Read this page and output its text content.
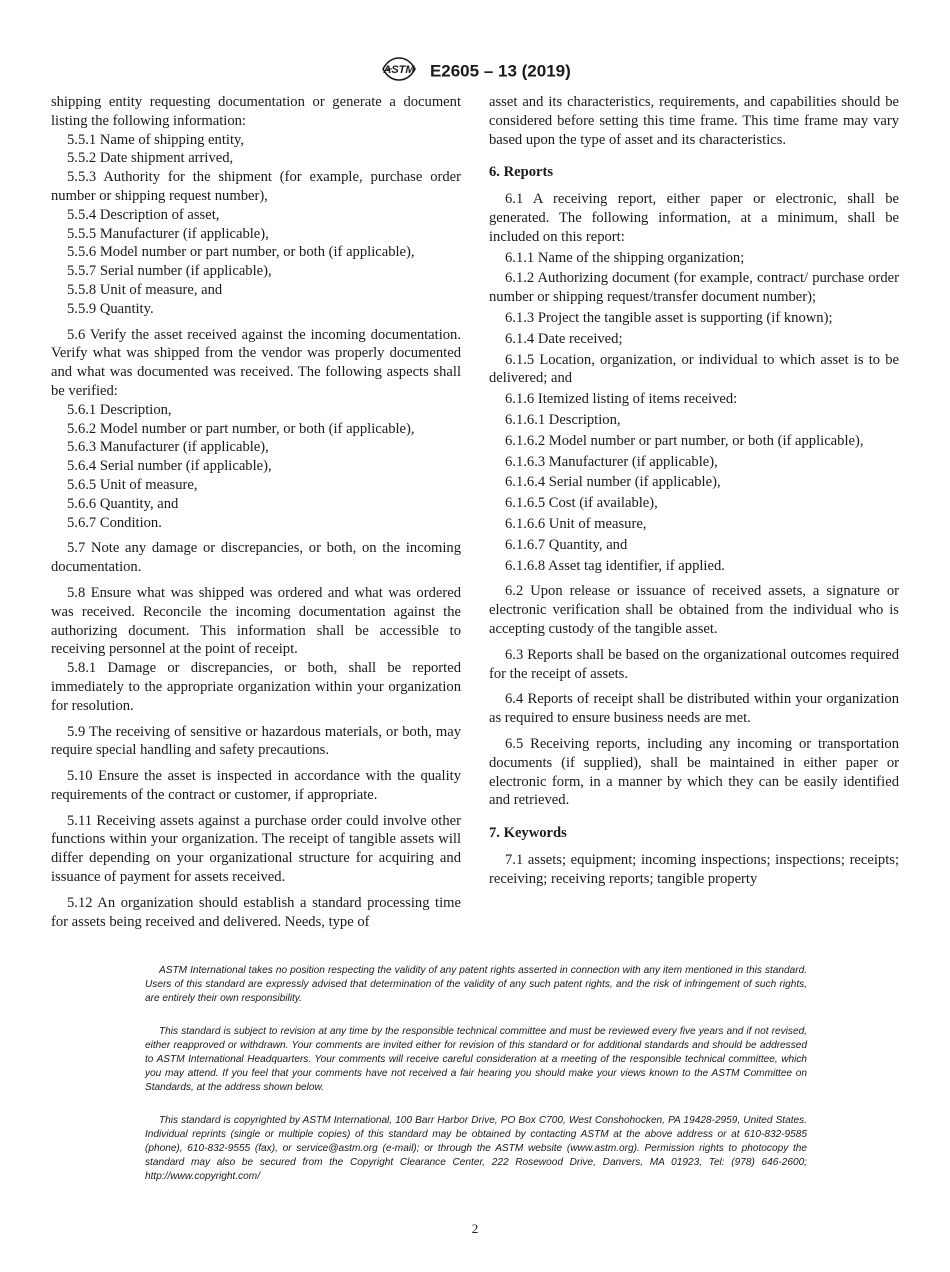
ASTM E2605 – 13 (2019)

shipping entity requesting documentation or generate a document listing the following information:

5.5.1 Name of shipping entity,

5.5.2 Date shipment arrived,

5.5.3 Authority for the shipment (for example, purchase order number or shipping request number),

5.5.4 Description of asset,

5.5.5 Manufacturer (if applicable),

5.5.6 Model number or part number, or both (if applicable),

5.5.7 Serial number (if applicable),

5.5.8 Unit of measure, and

5.5.9 Quantity.

5.6 Verify the asset received against the incoming documentation. Verify what was shipped from the vendor was properly documented and what was documented was received. The following aspects shall be verified:

5.6.1 Description,

5.6.2 Model number or part number, or both (if applicable),

5.6.3 Manufacturer (if applicable),

5.6.4 Serial number (if applicable),

5.6.5 Unit of measure,

5.6.6 Quantity, and

5.6.7 Condition.

5.7 Note any damage or discrepancies, or both, on the incoming documentation.

5.8 Ensure what was shipped was ordered and what was ordered was received. Reconcile the incoming documentation against the authorizing document. This information shall be accessible to receiving personnel at the point of receipt.

5.8.1 Damage or discrepancies, or both, shall be reported immediately to the appropriate organization within your organization for resolution.

5.9 The receiving of sensitive or hazardous materials, or both, may require special handling and safety precautions.

5.10 Ensure the asset is inspected in accordance with the quality requirements of the contract or customer, if appropriate.

5.11 Receiving assets against a purchase order could involve other functions within your organization. The receipt of tangible assets will differ depending on your organizational structure for acquiring and issuance of payment for assets received.

5.12 An organization should establish a standard processing time for assets being received and delivered. Needs, type of

asset and its characteristics, requirements, and capabilities should be considered before setting this time frame. This time frame may vary based upon the type of asset and its characteristics.

6. Reports

6.1 A receiving report, either paper or electronic, shall be generated. The following information, at a minimum, shall be included on this report:

6.1.1 Name of the shipping organization;

6.1.2 Authorizing document (for example, contract/ purchase order number or shipping request/transfer document number);

6.1.3 Project the tangible asset is supporting (if known);

6.1.4 Date received;

6.1.5 Location, organization, or individual to which asset is to be delivered; and

6.1.6 Itemized listing of items received:

6.1.6.1 Description,

6.1.6.2 Model number or part number, or both (if applicable),

6.1.6.3 Manufacturer (if applicable),

6.1.6.4 Serial number (if applicable),

6.1.6.5 Cost (if available),

6.1.6.6 Unit of measure,

6.1.6.7 Quantity, and

6.1.6.8 Asset tag identifier, if applied.

6.2 Upon release or issuance of received assets, a signature or electronic verification shall be obtained from the individual who is accepting custody of the tangible asset.

6.3 Reports shall be based on the organizational outcomes required for the receipt of assets.

6.4 Reports of receipt shall be distributed within your organization as required to ensure business needs are met.

6.5 Receiving reports, including any incoming or transportation documents (if supplied), shall be maintained in either paper or electronic form, in a manner by which they can be easily identified and retrieved.

7. Keywords

7.1 assets; equipment; incoming inspections; inspections; receipts; receiving; receiving reports; tangible property

ASTM International takes no position respecting the validity of any patent rights asserted in connection with any item mentioned in this standard. Users of this standard are expressly advised that determination of the validity of any such patent rights, and the risk of infringement of such rights, are entirely their own responsibility.

This standard is subject to revision at any time by the responsible technical committee and must be reviewed every five years and if not revised, either reapproved or withdrawn. Your comments are invited either for revision of this standard or for additional standards and should be addressed to ASTM International Headquarters. Your comments will receive careful consideration at a meeting of the responsible technical committee, which you may attend. If you feel that your comments have not received a fair hearing you should make your views known to the ASTM Committee on Standards, at the address shown below.

This standard is copyrighted by ASTM International, 100 Barr Harbor Drive, PO Box C700, West Conshohocken, PA 19428-2959, United States. Individual reprints (single or multiple copies) of this standard may be obtained by contacting ASTM at the above address or at 610-832-9585 (phone), 610-832-9555 (fax), or service@astm.org (e-mail); or through the ASTM website (www.astm.org). Permission rights to photocopy the standard may also be secured from the Copyright Clearance Center, 222 Rosewood Drive, Danvers, MA 01923, Tel: (978) 646-2600; http://www.copyright.com/

2
